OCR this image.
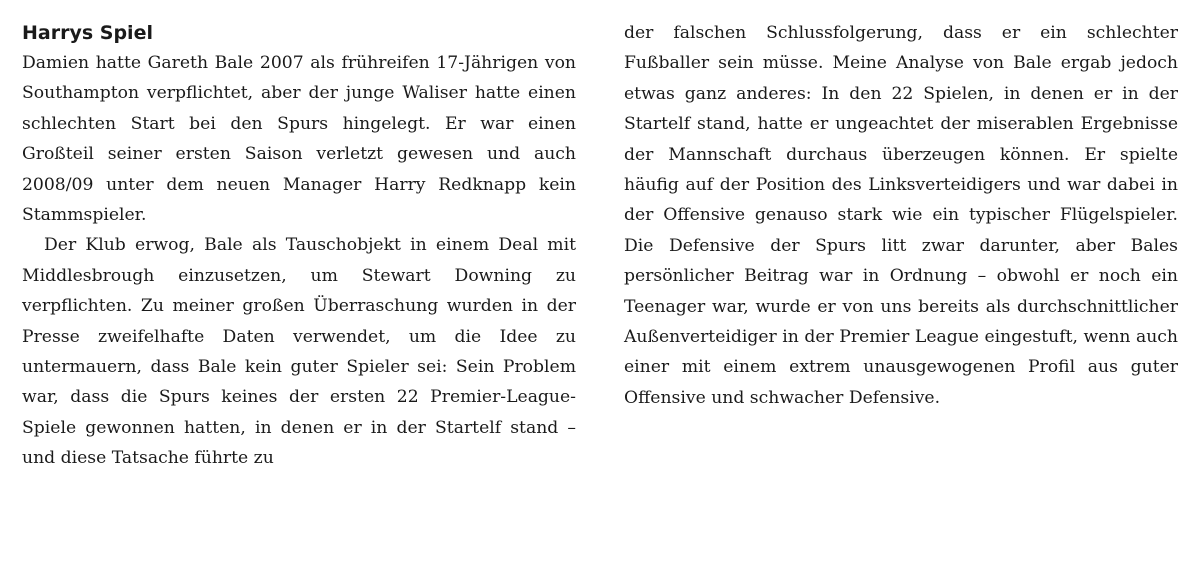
Harrys Spiel

Damien hatte Gareth Bale 2007 als frühreifen 17-Jährigen von Southampton verpflichtet, aber der junge Waliser hatte einen schlechten Start bei den Spurs hingelegt. Er war einen Großteil seiner ersten Saison verletzt gewesen und auch 2008/09 unter dem neuen Manager Harry Redknapp kein Stammspieler.

Der Klub erwog, Bale als Tauschobjekt in einem Deal mit Middlesbrough einzusetzen, um Stewart Downing zu verpflichten. Zu meiner großen Überraschung wurden in der Presse zweifelhafte Daten verwendet, um die Idee zu untermauern, dass Bale kein guter Spieler sei: Sein Problem war, dass die Spurs keines der ersten 22 Premier-League-Spiele gewonnen hatten, in denen er in der Startelf stand – und diese Tatsache führte zu

der falschen Schlussfolgerung, dass er ein schlechter Fußballer sein müsse. Meine Analyse von Bale ergab jedoch etwas ganz anderes: In den 22 Spielen, in denen er in der Startelf stand, hatte er ungeachtet der miserablen Ergebnisse der Mannschaft durchaus überzeugen können. Er spielte häufig auf der Position des Linksverteidigers und war dabei in der Offensive genauso stark wie ein typischer Flügelspieler. Die Defensive der Spurs litt zwar darunter, aber Bales persönlicher Beitrag war in Ordnung – obwohl er noch ein Teenager war, wurde er von uns bereits als durchschnittlicher Außenverteidiger in der Premier League eingestuft, wenn auch einer mit einem extrem unausgewogenen Profil aus guter Offensive und schwacher Defensive.
